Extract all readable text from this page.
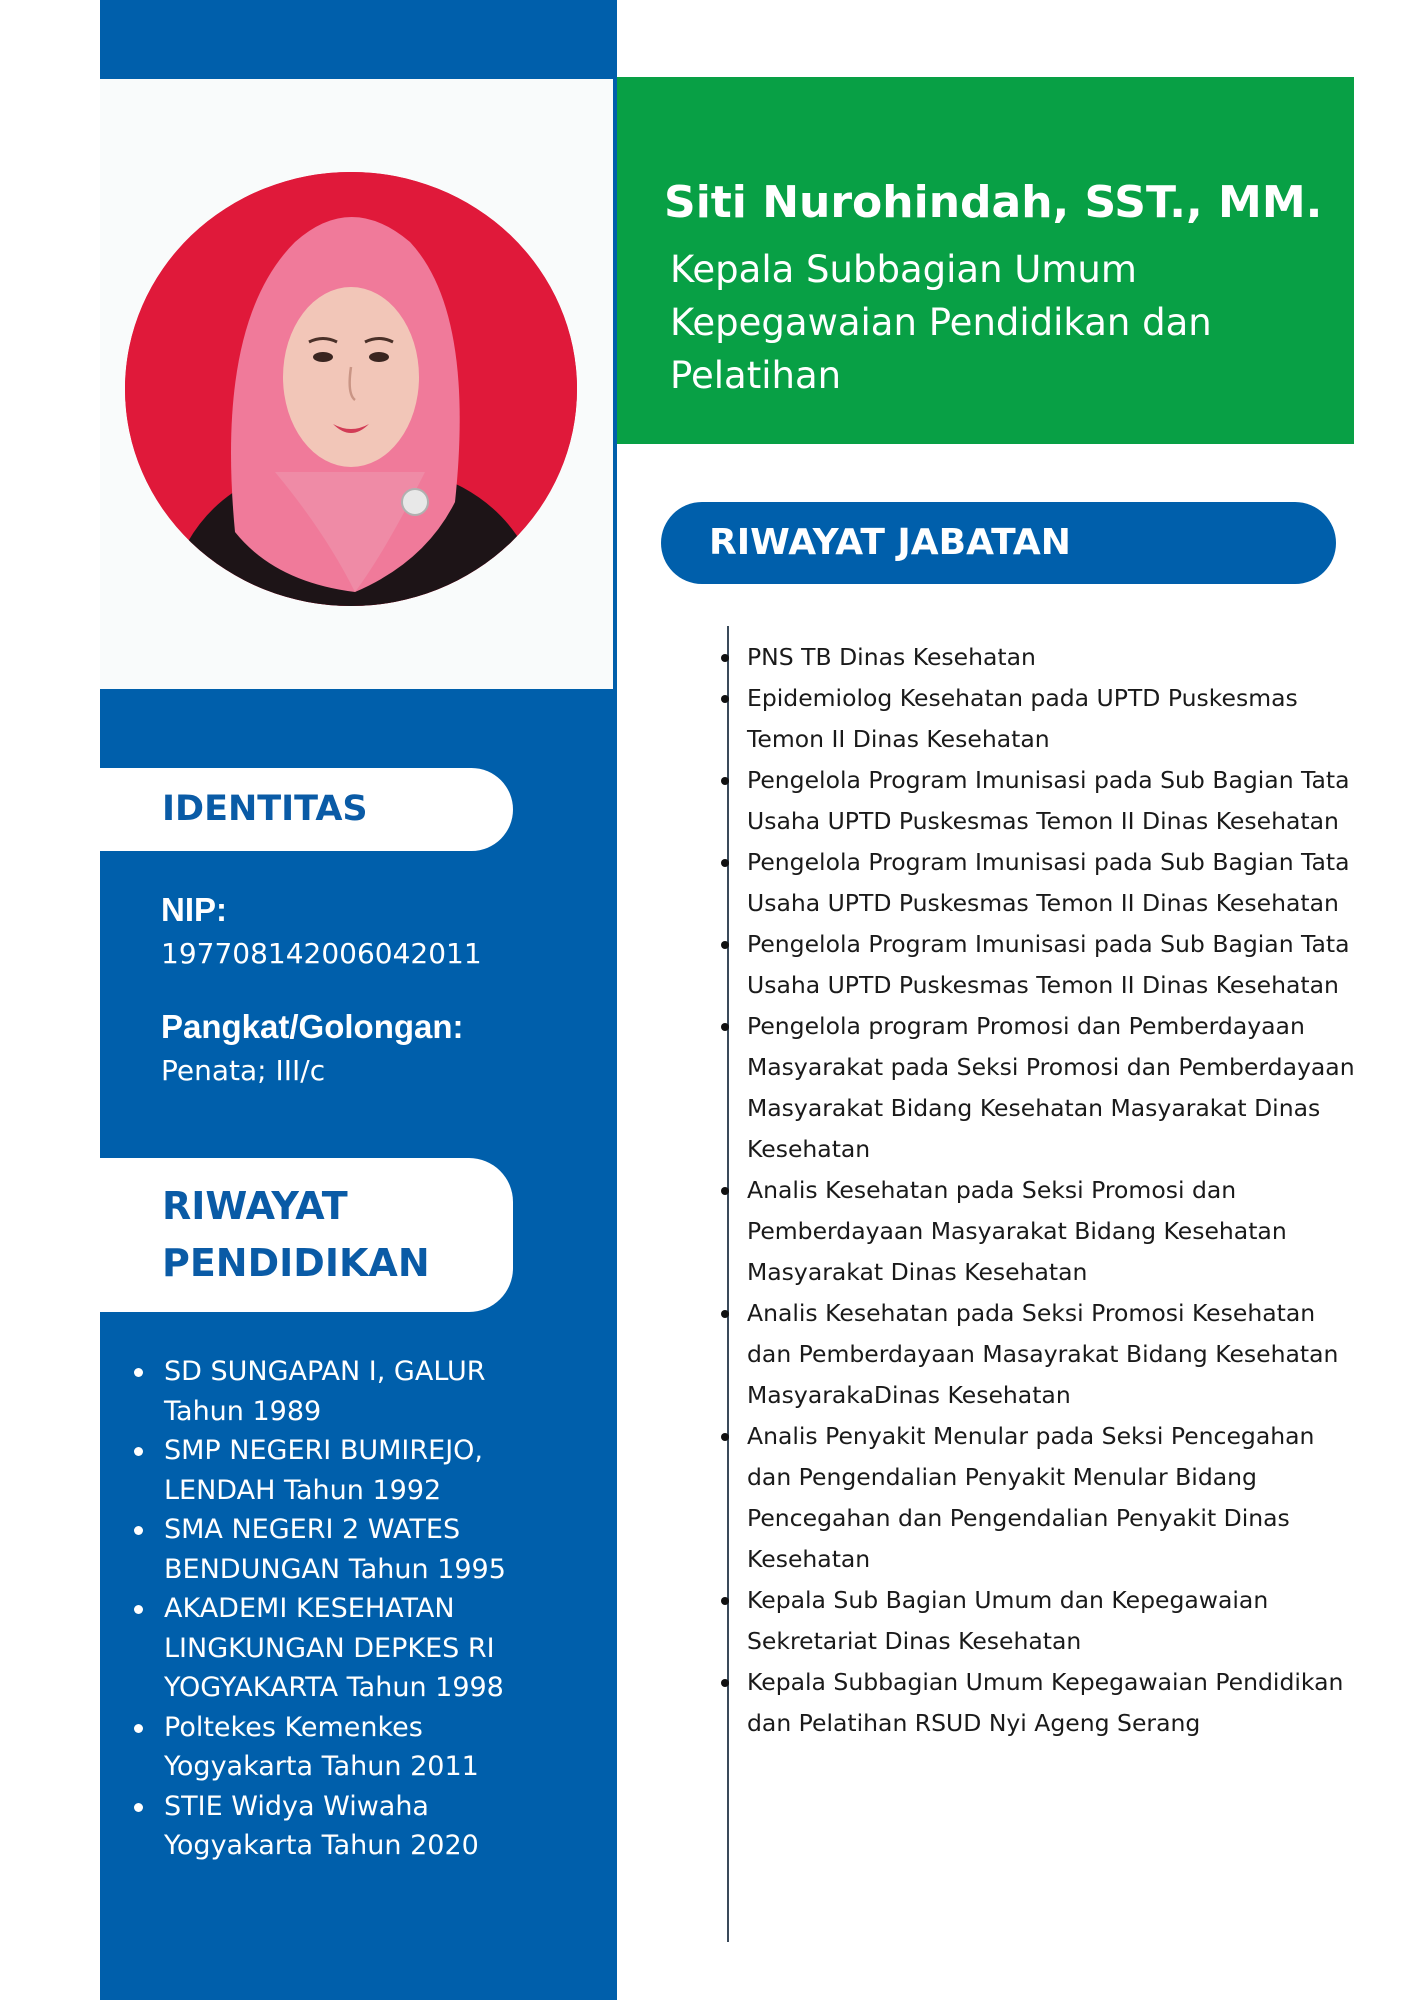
IDENTITAS
NIP:
197708142006042011
Pangkat/Golongan:
Penata; III/c
RIWAYAT PENDIDIKAN
SD SUNGAPAN I, GALUR Tahun 1989
SMP NEGERI BUMIREJO, LENDAH Tahun 1992
SMA NEGERI 2 WATES BENDUNGAN Tahun 1995
AKADEMI KESEHATAN LINGKUNGAN DEPKES RI YOGYAKARTA Tahun 1998
Poltekes Kemenkes Yogyakarta Tahun 2011
STIE Widya Wiwaha Yogyakarta Tahun 2020
Siti Nurohindah, SST., MM.
Kepala Subbagian Umum Kepegawaian Pendidikan dan Pelatihan
RIWAYAT JABATAN
PNS TB Dinas Kesehatan
Epidemiolog Kesehatan pada UPTD Puskesmas Temon II Dinas Kesehatan
Pengelola Program Imunisasi pada Sub Bagian Tata Usaha UPTD Puskesmas Temon II Dinas Kesehatan
Pengelola Program Imunisasi pada Sub Bagian Tata Usaha UPTD Puskesmas Temon II Dinas Kesehatan
Pengelola Program Imunisasi pada Sub Bagian Tata Usaha UPTD Puskesmas Temon II Dinas Kesehatan
Pengelola program Promosi dan Pemberdayaan Masyarakat pada Seksi Promosi dan Pemberdayaan Masyarakat Bidang Kesehatan Masyarakat Dinas Kesehatan
Analis Kesehatan pada Seksi Promosi dan Pemberdayaan Masyarakat Bidang Kesehatan Masyarakat Dinas Kesehatan
Analis Kesehatan pada Seksi Promosi Kesehatan dan Pemberdayaan Masayrakat Bidang Kesehatan MasyarakaDinas Kesehatan
Analis Penyakit Menular pada Seksi Pencegahan dan Pengendalian Penyakit Menular Bidang Pencegahan dan Pengendalian Penyakit Dinas Kesehatan
Kepala Sub Bagian Umum dan Kepegawaian Sekretariat Dinas Kesehatan
Kepala Subbagian Umum Kepegawaian Pendidikan dan Pelatihan RSUD Nyi Ageng Serang
